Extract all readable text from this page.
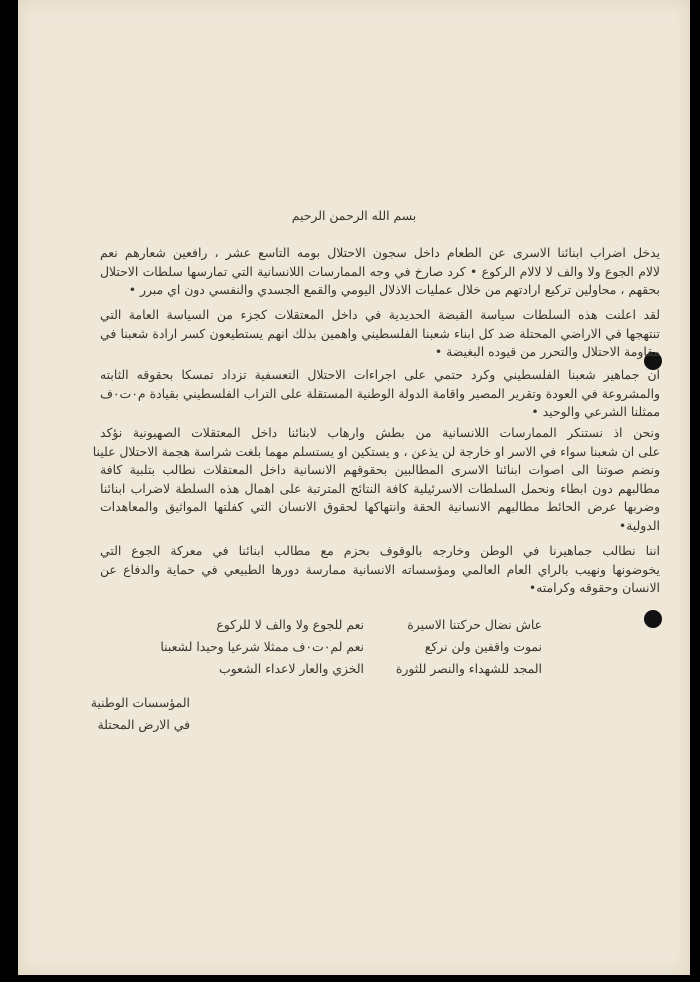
بسم الله الرحمن الرحيم
يدخل اضراب ابنائنا الاسرى عن الطعام داخل سجون الاحتلال بومه التاسع عشر ، رافعين شعارهم نعم
لالام الجوع ولا والف لا لالام الركوع • كرد صارخ في وجه الممارسات اللانسانية التي تمارسها سلطات الاحتلال
بحقهم ، محاولين تركيع ارادتهم من خلال عمليات الاذلال اليومي والقمع الجسدي والنفسي دون اي مبرر •
لقد اعلنت هذه السلطات سياسة القبضة الحديدية في داخل المعتقلات كجزء من السياسة العامة التي
تنتهجها في الاراضي المحتلة ضد كل ابناء شعبنا الفلسطيني واهمين بذلك انهم يستطيعون كسر ارادة شعبنا في
مقاومة الاحتلال والتحرر من قيوده البغيضة •
ان جماهير شعبنا الفلسطيني وكرد حتمي على اجراءات الاحتلال التعسفية تزداد تمسكا بحقوقه الثابته
والمشروعة في العودة وتقرير المصير واقامة الدولة الوطنية المستقلة على التراب الفلسطيني بقيادة م٠ت٠ف
ممثلنا الشرعي والوحيد •
ونحن اذ نستنكر الممارسات اللانسانية من بطش وارهاب لابنائنا داخل المعتقلات الصهيونية نؤكد
على ان شعبنا سواء في الاسر او خارجة لن يذعن ، و يستكين او يستسلم مهما بلغت شراسة هجمة الاحتلال علينا
ونضم صوتنا الى اصوات ابنائنا الاسرى المطالبين بحقوقهم الانسانية داخل المعتقلات نطالب بتلبية كافة
مطالبهم دون ابطاء ونحمل السلطات الاسرئيلية كافة النتائج المترتبة على اهمال هذه السلطة لاضراب ابنائنا
وضربها عرض الحائط مطالبهم الانسانية الحقة وانتهاكها لحقوق الانسان التي كفلتها المواثيق والمعاهدات
الدولية•
اننا نطالب جماهيرنا في الوطن وخارجه بالوقوف بحزم مع مطالب ابنائنا في معركة الجوع التي
يخوضونها ونهيب بالراي العام العالمي ومؤسساته الانسانية ممارسة دورها الطبيعي في حماية والدفاع عن
الانسان وحقوقه وكرامته•
عاش نضال حركتنا الاسيرة
نموت واقفين ولن نركع
المجد للشهداء والنصر للثورة
نعم للجوع ولا والف لا للركوع
نعم لم٠ت٠ف ممثلا شرعيا وحيدا لشعبنا
الخزي والعار لاعداء الشعوب
المؤسسات الوطنية
في الارض المحتلة
